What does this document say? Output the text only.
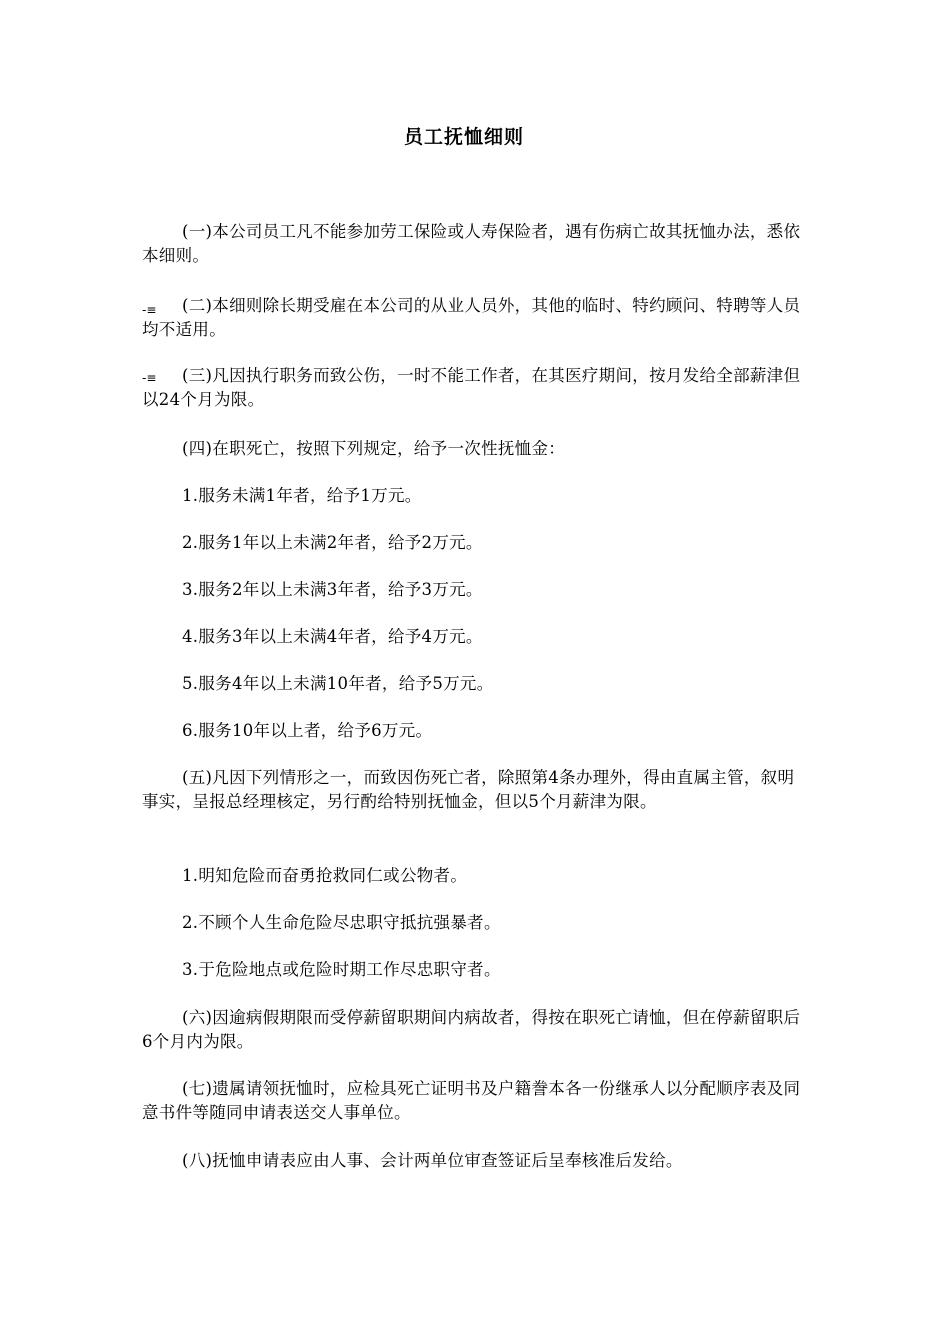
员工抚恤细则
-≡
-≡

(一)本公司员工凡不能参加劳工保险或人寿保险者，遇有伤病亡故其抚恤办法，悉依本细则。

(二)本细则除长期受雇在本公司的从业人员外，其他的临时、特约顾问、特聘等人员均不适用。

(三)凡因执行职务而致公伤，一时不能工作者，在其医疗期间，按月发给全部薪津但以24个月为限。

(四)在职死亡，按照下列规定，给予一次性抚恤金：

1.服务未满1年者，给予1万元。

2.服务1年以上未满2年者，给予2万元。

3.服务2年以上未满3年者，给予3万元。

4.服务3年以上未满4年者，给予4万元。

5.服务4年以上未满10年者，给予5万元。

6.服务10年以上者，给予6万元。

(五)凡因下列情形之一，而致因伤死亡者，除照第4条办理外，得由直属主管，叙明事实，呈报总经理核定，另行酌给特别抚恤金，但以5个月薪津为限。

1.明知危险而奋勇抢救同仁或公物者。

2.不顾个人生命危险尽忠职守抵抗强暴者。

3.于危险地点或危险时期工作尽忠职守者。

(六)因逾病假期限而受停薪留职期间内病故者，得按在职死亡请恤，但在停薪留职后6个月内为限。

(七)遗属请领抚恤时，应检具死亡证明书及户籍誊本各一份继承人以分配顺序表及同意书件等随同申请表送交人事单位。

(八)抚恤申请表应由人事、会计两单位审查签证后呈奉核准后发给。
